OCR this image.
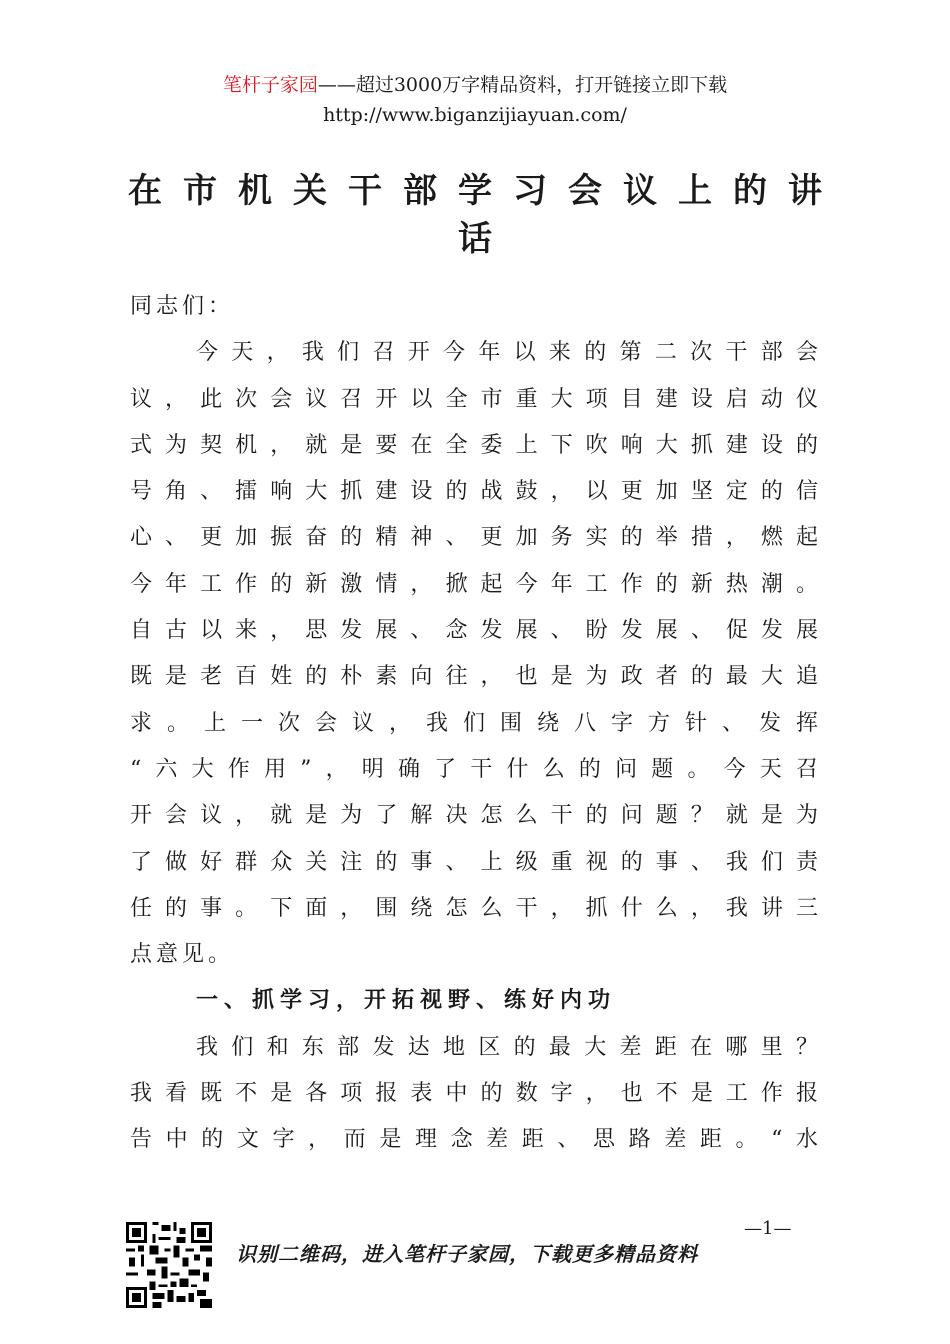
笔杆子家园——超过3000万字精品资料，打开链接立即下载
http://www.biganzijiayuan.com/
在市机关干部学习会议上的讲
话

同志们：

今天，我们召开今年以来的第二次干部会

议，此次会议召开以全市重大项目建设启动仪

式为契机，就是要在全委上下吹响大抓建设的

号角、擂响大抓建设的战鼓，以更加坚定的信

心、更加振奋的精神、更加务实的举措，燃起

今年工作的新激情，掀起今年工作的新热潮。

自古以来，思发展、念发展、盼发展、促发展

既是老百姓的朴素向往，也是为政者的最大追

求。上一次会议，我们围绕八字方针、发挥

“六大作用”，明确了干什么的问题。今天召

开会议，就是为了解决怎么干的问题？就是为

了做好群众关注的事、上级重视的事、我们责

任的事。下面，围绕怎么干，抓什么，我讲三

点意见。

一、抓学习，开拓视野、练好内功

我们和东部发达地区的最大差距在哪里？

我看既不是各项报表中的数字，也不是工作报

告中的文字，而是理念差距、思路差距。“水

—1—
识别二维码，进入笔杆子家园，下载更多精品资料
